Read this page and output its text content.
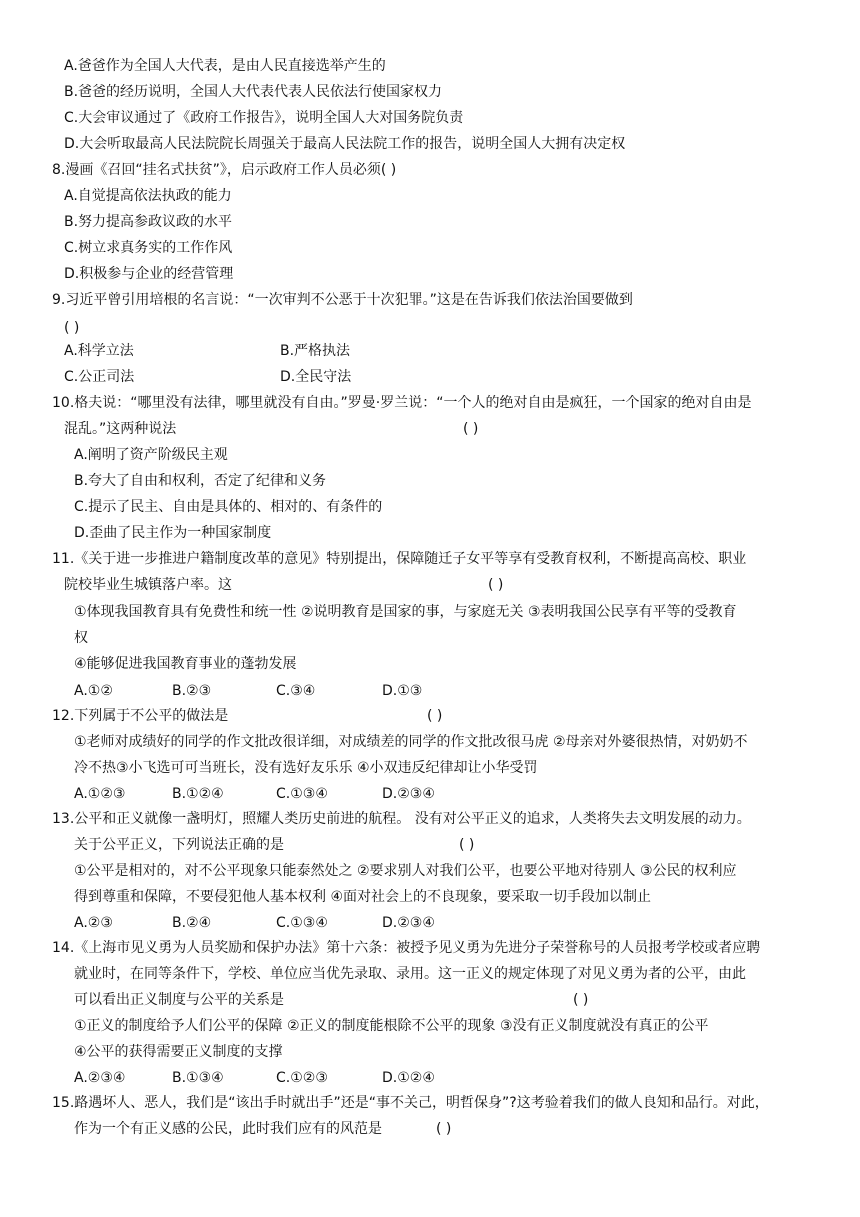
A.爸爸作为全国人大代表，是由人民直接选举产生的
B.爸爸的经历说明，全国人大代表代表人民依法行使国家权力
C.大会审议通过了《政府工作报告》，说明全国人大对国务院负责
D.大会听取最高人民法院院长周强关于最高人民法院工作的报告，说明全国人大拥有决定权
8.漫画《召回“挂名式扶贫”》，启示政府工作人员必须( )
A.自觉提高依法执政的能力
B.努力提高参政议政的水平
C.树立求真务实的工作作风
D.积极参与企业的经营管理
9.习近平曾引用培根的名言说：“一次审判不公恶于十次犯罪。”这是在告诉我们依法治国要做到
( )
A.科学立法	B.严格执法
C.公正司法	D.全民守法
10.格夫说：“哪里没有法律，哪里就没有自由。”罗曼·罗兰说：“一个人的绝对自由是疯狂，一个国家的绝对自由是
混乱。”这两种说法	( )
A.阐明了资产阶级民主观
B.夸大了自由和权利，否定了纪律和义务
C.提示了民主、自由是具体的、相对的、有条件的
D.歪曲了民主作为一种国家制度
11.《关于进一步推进户籍制度改革的意见》特别提出，保障随迁子女平等享有受教育权利，不断提高高校、职业
院校毕业生城镇落户率。这	( )
①体现我国教育具有免费性和统一性 ②说明教育是国家的事，与家庭无关 ③表明我国公民享有平等的受教育
权
④能够促进我国教育事业的蓬勃发展
A.①②	B.②③	C.③④	D.①③
12.下列属于不公平的做法是	( )
①老师对成绩好的同学的作文批改很详细，对成绩差的同学的作文批改很马虎 ②母亲对外婆很热情，对奶奶不
冷不热③小飞选可可当班长，没有选好友乐乐 ④小双违反纪律却让小华受罚
A.①②③	B.①②④	C.①③④	D.②③④
13.公平和正义就像一盏明灯，照耀人类历史前进的航程。 没有对公平正义的追求，人类将失去文明发展的动力。
关于公平正义，下列说法正确的是	( )
①公平是相对的，对不公平现象只能泰然处之 ②要求别人对我们公平，也要公平地对待别人 ③公民的权利应
得到尊重和保障，不要侵犯他人基本权利 ④面对社会上的不良现象，要采取一切手段加以制止
A.②③	B.②④	C.①③④	D.②③④
14.《上海市见义勇为人员奖励和保护办法》第十六条：被授予见义勇为先进分子荣誉称号的人员报考学校或者应聘
就业时，在同等条件下，学校、单位应当优先录取、录用。这一正义的规定体现了对见义勇为者的公平，由此
可以看出正义制度与公平的关系是	( )
①正义的制度给予人们公平的保障 ②正义的制度能根除不公平的现象 ③没有正义制度就没有真正的公平
④公平的获得需要正义制度的支撑
A.②③④	B.①③④	C.①②③	D.①②④
15.路遇坏人、恶人，我们是“该出手时就出手”还是“事不关己，明哲保身”?这考验着我们的做人良知和品行。对此，
作为一个有正义感的公民，此时我们应有的风范是	( )
